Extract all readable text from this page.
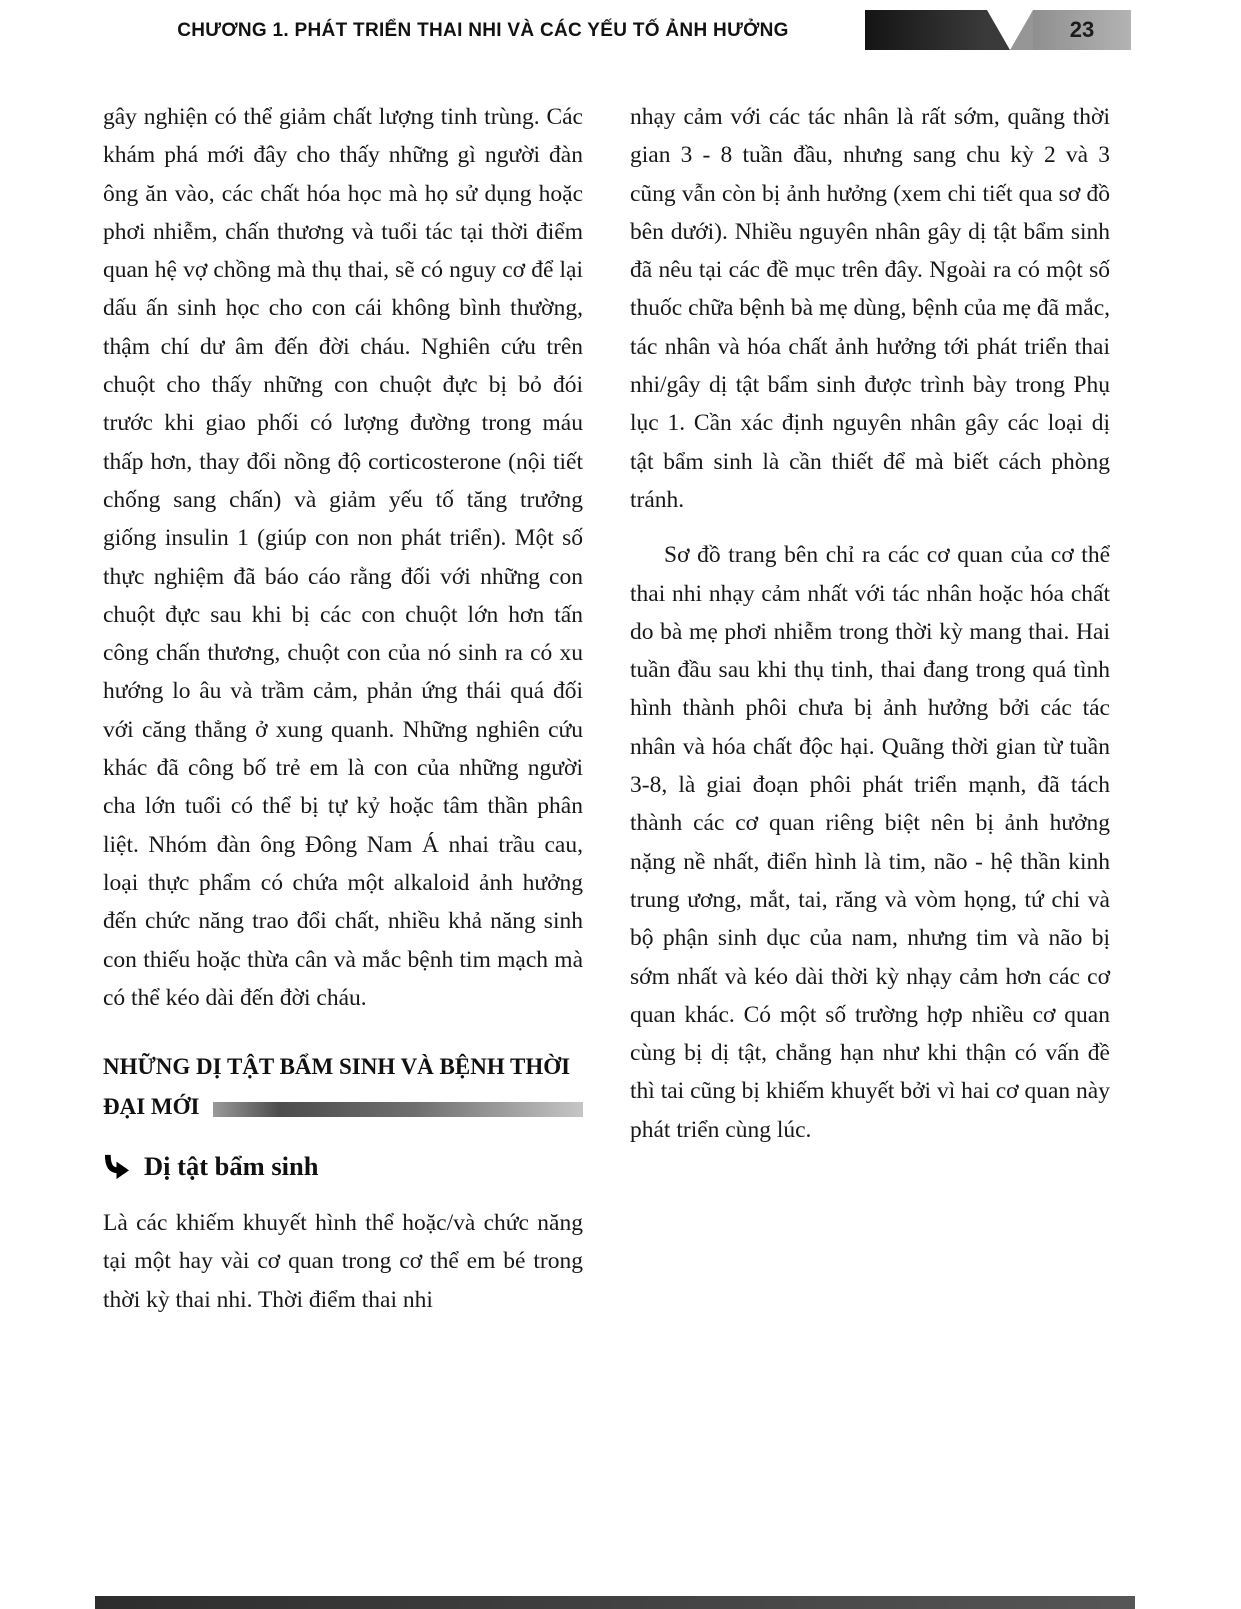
CHƯƠNG 1. PHÁT TRIỂN THAI NHI VÀ CÁC YẾU TỐ ẢNH HƯỞNG	23

gây nghiện có thể giảm chất lượng tinh trùng. Các khám phá mới đây cho thấy những gì người đàn ông ăn vào, các chất hóa học mà họ sử dụng hoặc phơi nhiễm, chấn thương và tuổi tác tại thời điểm quan hệ vợ chồng mà thụ thai, sẽ có nguy cơ để lại dấu ấn sinh học cho con cái không bình thường, thậm chí dư âm đến đời cháu. Nghiên cứu trên chuột cho thấy những con chuột đực bị bỏ đói trước khi giao phối có lượng đường trong máu thấp hơn, thay đổi nồng độ corticosterone (nội tiết chống sang chấn) và giảm yếu tố tăng trưởng giống insulin 1 (giúp con non phát triển). Một số thực nghiệm đã báo cáo rằng đối với những con chuột đực sau khi bị các con chuột lớn hơn tấn công chấn thương, chuột con của nó sinh ra có xu hướng lo âu và trầm cảm, phản ứng thái quá đối với căng thẳng ở xung quanh. Những nghiên cứu khác đã công bố trẻ em là con của những người cha lớn tuổi có thể bị tự kỷ hoặc tâm thần phân liệt. Nhóm đàn ông Đông Nam Á nhai trầu cau, loại thực phẩm có chứa một alkaloid ảnh hưởng đến chức năng trao đổi chất, nhiều khả năng sinh con thiếu hoặc thừa cân và mắc bệnh tim mạch mà có thể kéo dài đến đời cháu.

NHỮNG DỊ TẬT BẨM SINH VÀ BỆNH THỜI
ĐẠI MỚI
Dị tật bẩm sinh

Là các khiếm khuyết hình thể hoặc/và chức năng tại một hay vài cơ quan trong cơ thể em bé trong thời kỳ thai nhi. Thời điểm thai nhi

nhạy cảm với các tác nhân là rất sớm, quãng thời gian 3 - 8 tuần đầu, nhưng sang chu kỳ 2 và 3 cũng vẫn còn bị ảnh hưởng (xem chi tiết qua sơ đồ bên dưới). Nhiều nguyên nhân gây dị tật bẩm sinh đã nêu tại các đề mục trên đây. Ngoài ra có một số thuốc chữa bệnh bà mẹ dùng, bệnh của mẹ đã mắc, tác nhân và hóa chất ảnh hưởng tới phát triển thai nhi/gây dị tật bẩm sinh được trình bày trong Phụ lục 1. Cần xác định nguyên nhân gây các loại dị tật bẩm sinh là cần thiết để mà biết cách phòng tránh.

Sơ đồ trang bên chỉ ra các cơ quan của cơ thể thai nhi nhạy cảm nhất với tác nhân hoặc hóa chất do bà mẹ phơi nhiễm trong thời kỳ mang thai. Hai tuần đầu sau khi thụ tinh, thai đang trong quá tình hình thành phôi chưa bị ảnh hưởng bởi các tác nhân và hóa chất độc hại. Quãng thời gian từ tuần 3-8, là giai đoạn phôi phát triển mạnh, đã tách thành các cơ quan riêng biệt nên bị ảnh hưởng nặng nề nhất, điển hình là tim, não - hệ thần kinh trung ương, mắt, tai, răng và vòm họng, tứ chi và bộ phận sinh dục của nam, nhưng tim và não bị sớm nhất và kéo dài thời kỳ nhạy cảm hơn các cơ quan khác. Có một số trường hợp nhiều cơ quan cùng bị dị tật, chẳng hạn như khi thận có vấn đề thì tai cũng bị khiếm khuyết bởi vì hai cơ quan này phát triển cùng lúc.
